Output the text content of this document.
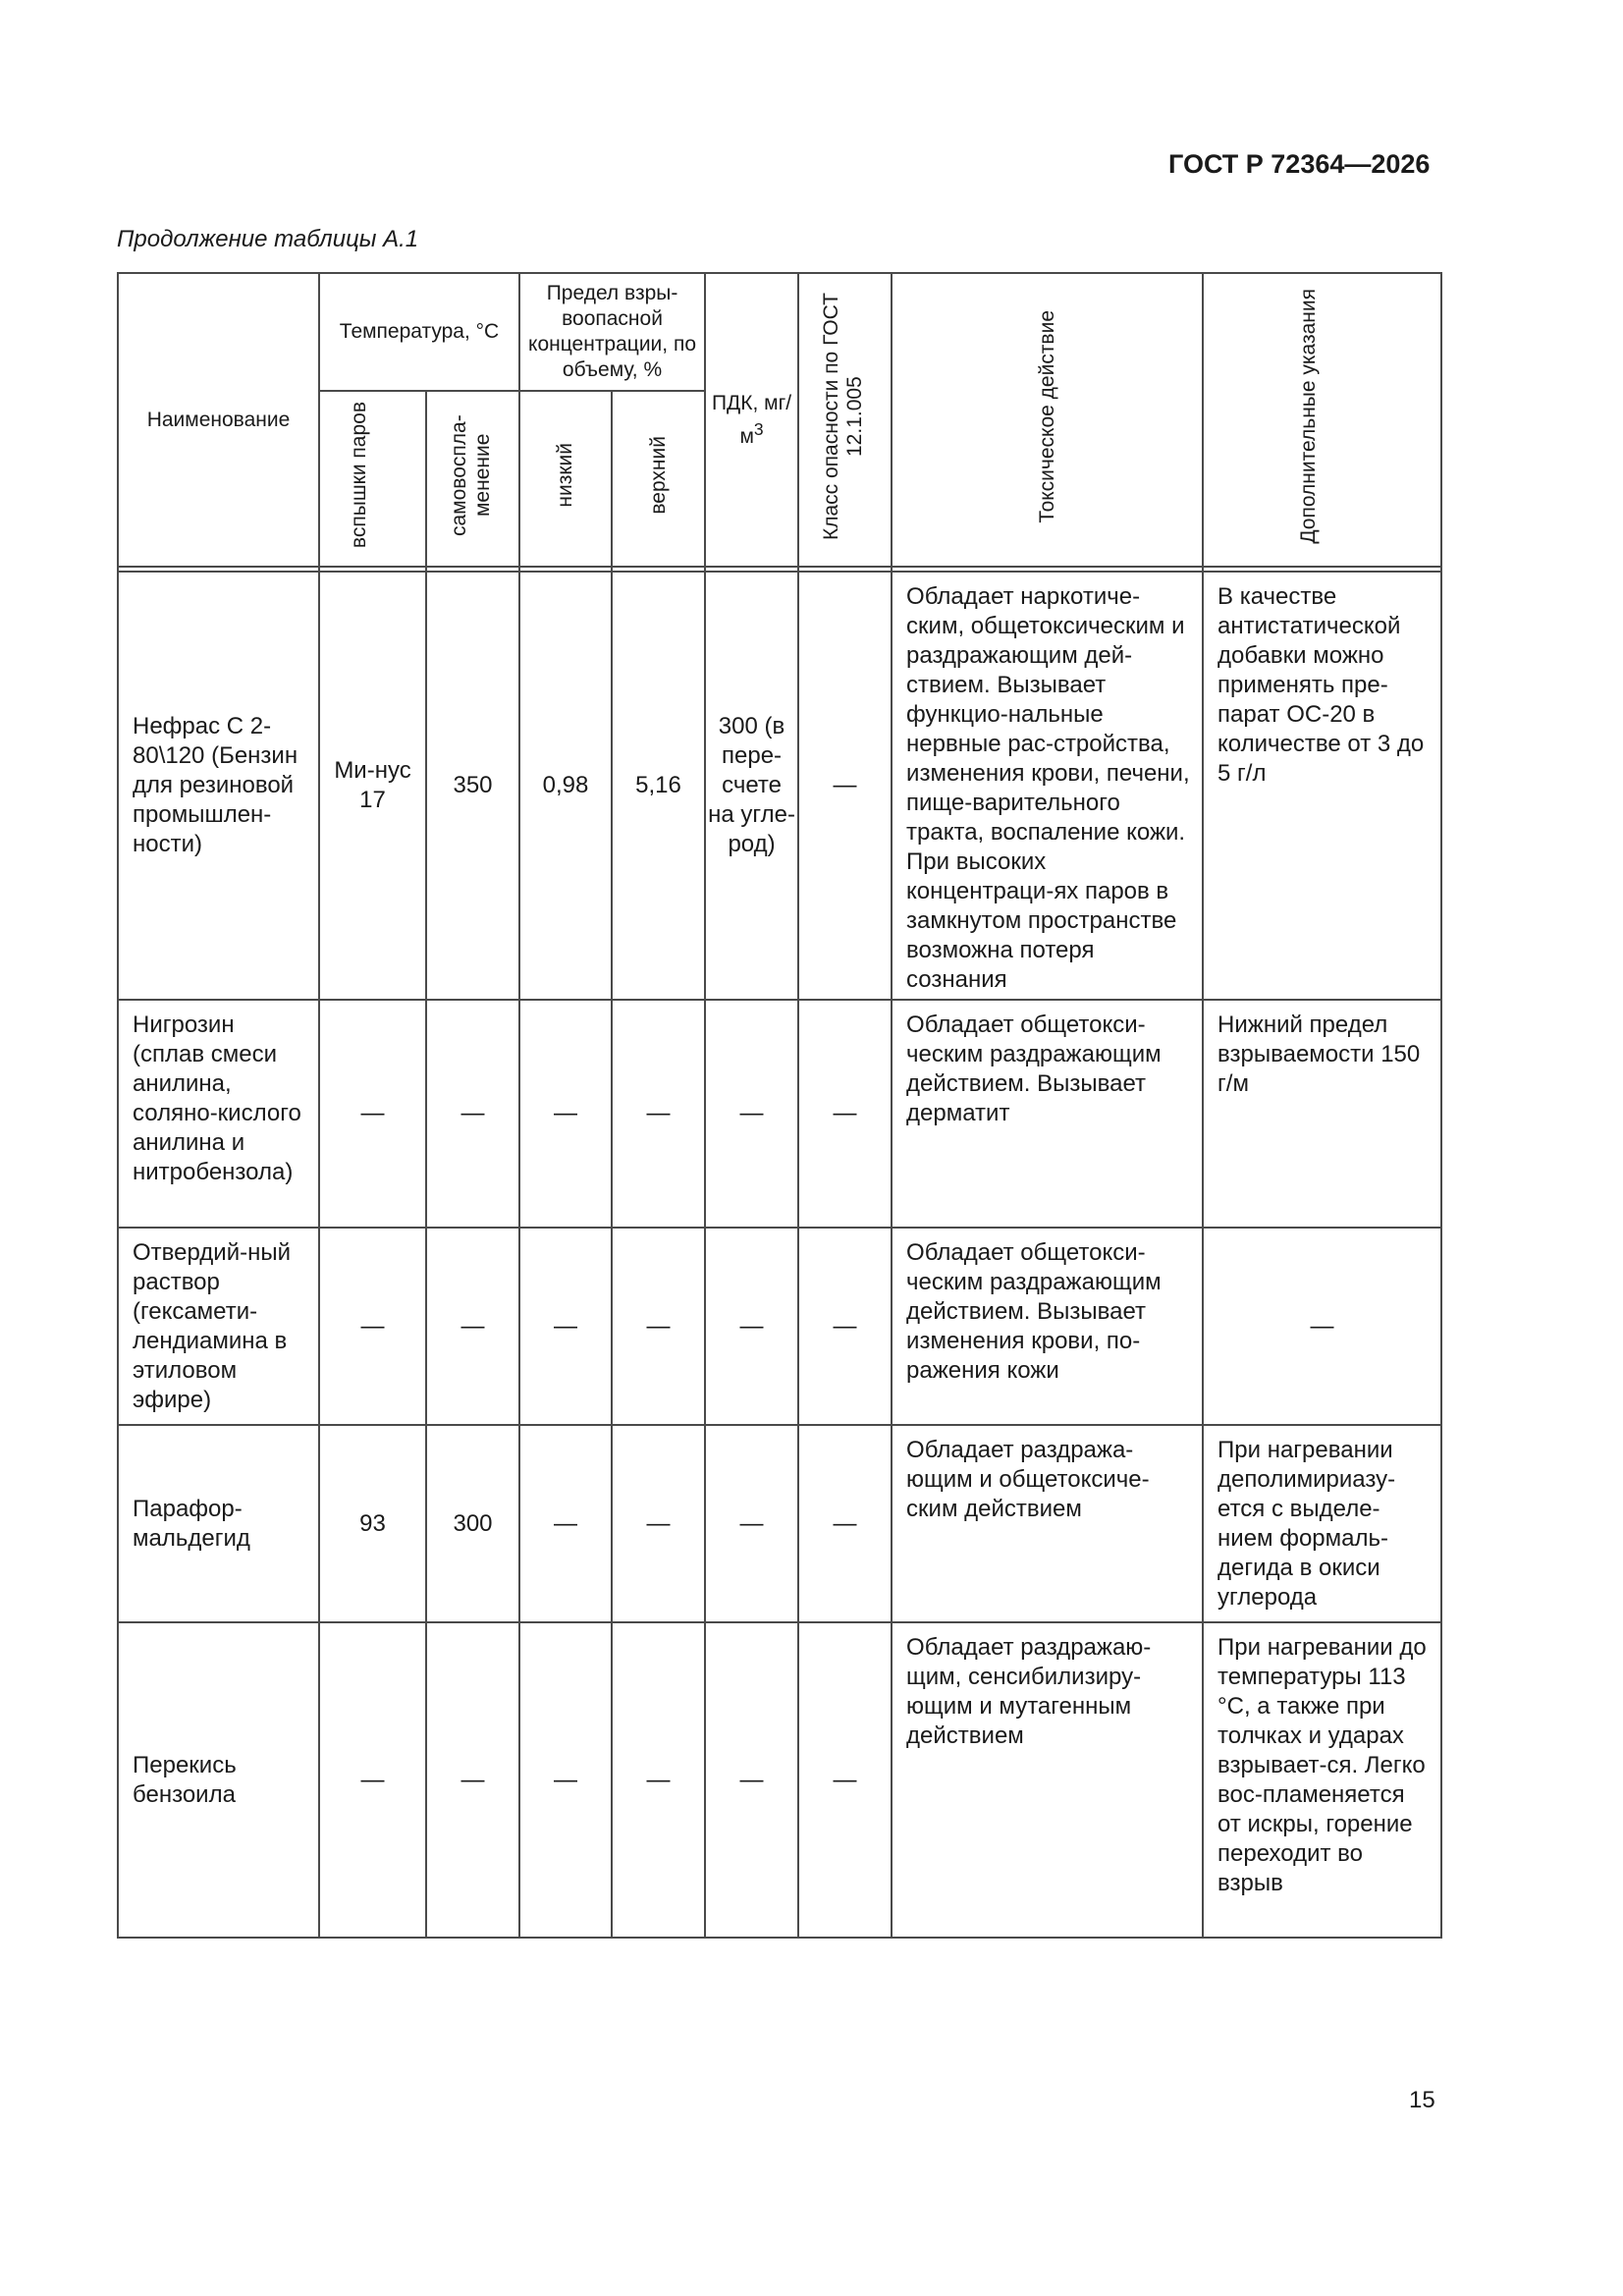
ГОСТ Р 72364—2026
Продолжение таблицы А.1
Наименование	Температура, °С		Предел взры-воопасной концентрации, по объему, %		ПДК, $мг/м^3$	Класс опасности по ГОСТ 12.1.005	Токсическое действие	Дополнительные указания
	вспышки паров	самовоспла-менение	низкий	верхний				

Нефрас С 2-80\120 (Бензин для резиновой промышлен-ности)	Ми-нус 17	350	0,98	5,16	300 (в пере-счете на угле-род)	—	Обладает наркотиче-ским, общетоксическим и раздражающим дей-ствием. Вызывает функцио-нальные нервные рас-стройства, изменения крови, печени, пище-варительного тракта, воспаление кожи. При высоких концентраци-ях паров в замкнутом пространстве возможна потеря сознания	В качестве антистатической добавки можно применять пре-парат ОС-20 в количестве от 3 до 5 г/л
Нигрозин (сплав смеси анилина, соляно-кислого анилина и нитробензола)	—	—	—	—	—	—	Обладает общетокси-ческим раздражающим действием. Вызывает дерматит	Нижний предел взрываемости 150 г/м
Отвердий-ный раствор (гексамети-лендиамина в этиловом эфире)	—	—	—	—	—	—	Обладает общетокси-ческим раздражающим действием. Вызывает изменения крови, по-ражения кожи	—
Парафор-мальдегид	93	300	—	—	—	—	Обладает раздража-ющим и общетоксиче-ским действием	При нагревании деполимириазу-ется с выделе-нием формаль-дегида в окиси углерода
Перекись бензоила	—	—	—	—	—	—	Обладает раздражаю-щим, сенсибилизиру-ющим и мутагенным действием	При нагревании до температуры 113 °С, а также при толчках и ударах взрывает-ся. Легко вос-пламеняется от искры, горение переходит во взрыв
15
